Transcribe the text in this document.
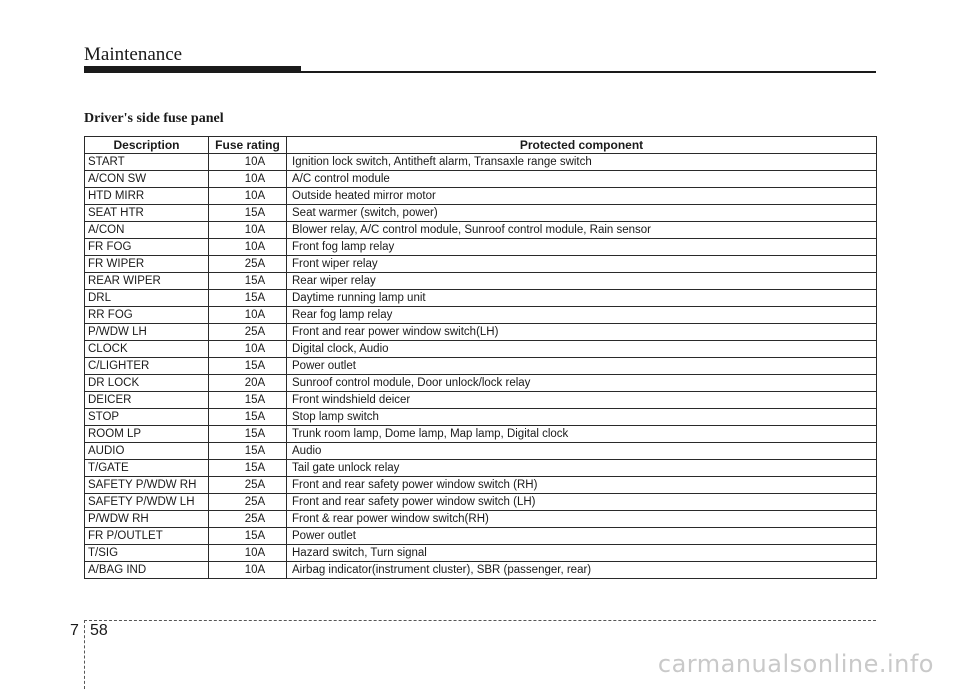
Maintenance
Driver's side fuse panel
Description	Fuse rating	Protected component
START	10A	Ignition lock switch, Antitheft alarm, Transaxle range switch
A/CON SW	10A	A/C control module
HTD MIRR	10A	Outside heated mirror motor
SEAT HTR	15A	Seat warmer (switch, power)
A/CON	10A	Blower relay, A/C control module, Sunroof control module, Rain sensor
FR FOG	10A	Front fog lamp relay
FR WIPER	25A	Front wiper relay
REAR WIPER	15A	Rear wiper relay
DRL	15A	Daytime running lamp unit
RR FOG	10A	Rear fog lamp relay
P/WDW LH	25A	Front and rear power window switch(LH)
CLOCK	10A	Digital clock, Audio
C/LIGHTER	15A	Power outlet
DR LOCK	20A	Sunroof control module, Door unlock/lock relay
DEICER	15A	Front windshield deicer
STOP	15A	Stop lamp switch
ROOM LP	15A	Trunk room lamp, Dome lamp, Map lamp, Digital clock
AUDIO	15A	Audio
T/GATE	15A	Tail gate unlock relay
SAFETY P/WDW RH	25A	Front and rear safety power window switch (RH)
SAFETY P/WDW LH	25A	Front and rear safety power window switch (LH)
P/WDW RH	25A	Front & rear power window switch(RH)
FR P/OUTLET	15A	Power outlet
T/SIG	10A	Hazard switch, Turn signal
A/BAG IND	10A	Airbag indicator(instrument cluster), SBR (passenger, rear)
7 58
carmanualsonline.info
